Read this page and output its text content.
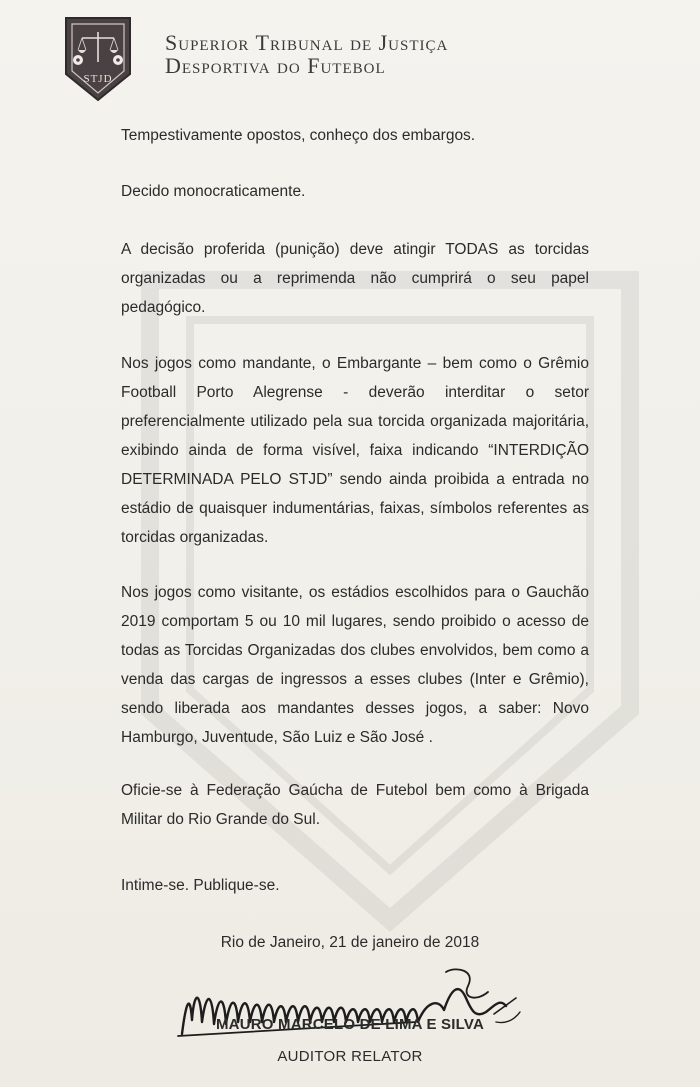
STJD
Superior Tribunal de Justiça
Desportiva do Futebol

Tempestivamente opostos, conheço dos embargos.

Decido monocraticamente.

A decisão proferida (punição) deve atingir TODAS as torcidas organizadas ou a reprimenda não cumprirá o seu papel pedagógico.

Nos jogos como mandante, o Embargante – bem como o Grêmio Football Porto Alegrense - deverão interditar o setor preferencialmente utilizado pela sua torcida organizada majoritária, exibindo ainda de forma visível, faixa indicando “INTERDIÇÃO DETERMINADA PELO STJD” sendo ainda proibida a entrada no estádio de quaisquer indumentárias, faixas, símbolos referentes as torcidas organizadas.

Nos jogos como visitante, os estádios escolhidos para o Gauchão 2019 comportam 5 ou 10 mil lugares, sendo proibido o acesso de todas as Torcidas Organizadas dos clubes envolvidos, bem como a venda das cargas de ingressos a esses clubes (Inter e Grêmio), sendo liberada aos mandantes desses jogos, a saber: Novo Hamburgo, Juventude, São Luiz e São José .

Oficie-se à Federação Gaúcha de Futebol bem como à Brigada Militar do Rio Grande do Sul.

Intime-se. Publique-se.

Rio de Janeiro, 21 de janeiro de 2018
MAURO MARCELO DE LIMA E SILVA
AUDITOR RELATOR
